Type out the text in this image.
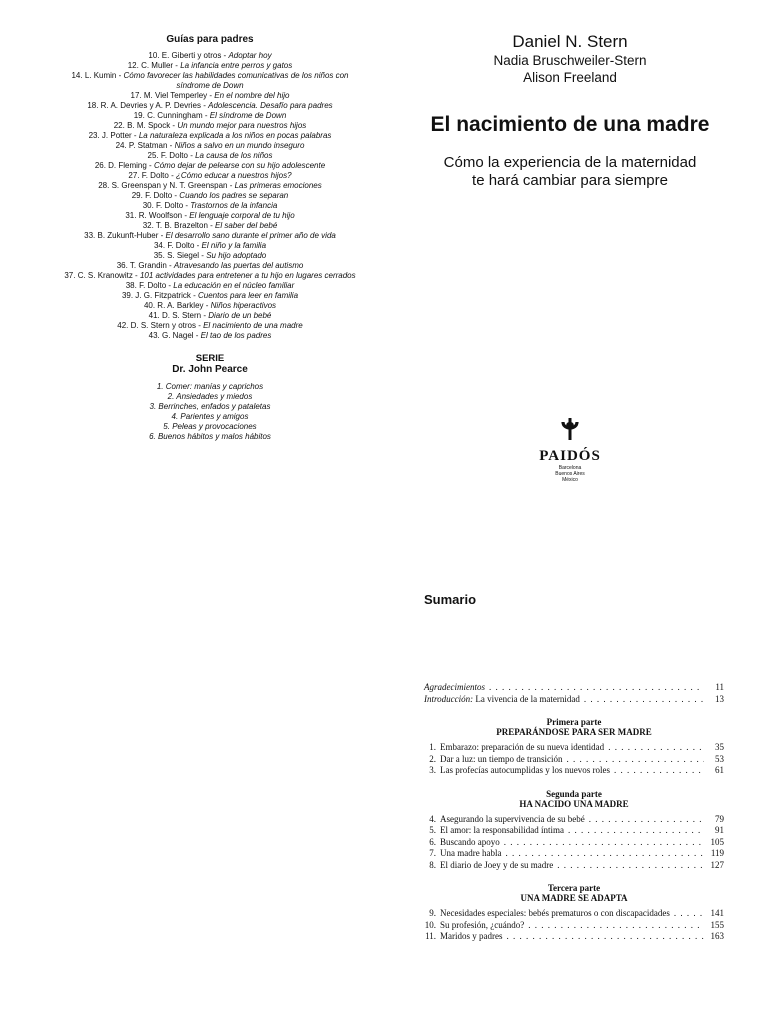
Guías para padres
10. E. Giberti y otros - Adoptar hoy
12. C. Muller - La infancia entre perros y gatos
14. L. Kumin - Cómo favorecer las habilidades comunicativas de los niños con síndrome de Down
17. M. Viel Temperley - En el nombre del hijo
18. R. A. Devries y A. P. Devries - Adolescencia. Desafío para padres
19. C. Cunningham - El síndrome de Down
22. B. M. Spock - Un mundo mejor para nuestros hijos
23. J. Potter - La naturaleza explicada a los niños en pocas palabras
24. P. Statman - Niños a salvo en un mundo inseguro
25. F. Dolto - La causa de los niños
26. D. Fleming - Cómo dejar de pelearse con su hijo adolescente
27. F. Dolto - ¿Cómo educar a nuestros hijos?
28. S. Greenspan y N. T. Greenspan - Las primeras emociones
29. F. Dolto - Cuando los padres se separan
30. F. Dolto - Trastornos de la infancia
31. R. Woolfson - El lenguaje corporal de tu hijo
32. T. B. Brazelton - El saber del bebé
33. B. Zukunft-Huber - El desarrollo sano durante el primer año de vida
34. F. Dolto - El niño y la familia
35. S. Siegel - Su hijo adoptado
36. T. Grandin - Atravesando las puertas del autismo
37. C. S. Kranowitz - 101 actividades para entretener a tu hijo en lugares cerrados
38. F. Dolto - La educación en el núcleo familiar
39. J. G. Fitzpatrick - Cuentos para leer en familia
40. R. A. Barkley - Niños hiperactivos
41. D. S. Stern - Diario de un bebé
42. D. S. Stern y otros - El nacimiento de una madre
43. G. Nagel - El tao de los padres
SERIE
Dr. John Pearce
1. Comer: manías y caprichos
2. Ansiedades y miedos
3. Berrinches, enfados y pataletas
4. Parientes y amigos
5. Peleas y provocaciones
6. Buenos hábitos y malos hábitos
Daniel N. Stern
Nadia Bruschweiler-Stern
Alison Freeland
El nacimiento de una madre
Cómo la experiencia de la maternidad
te hará cambiar para siempre
PAIDÓS
Barcelona
Buenos Aires
México
Sumario
Agradecimientos . . .	11
Introducción: La vivencia de la maternidad . . .	13
Primera parte
PREPARÁNDOSE PARA SER MADRE
1. Embarazo: preparación de su nueva identidad . . .	35
2. Dar a luz: un tiempo de transición . . .	53
3. Las profecías autocumplidas y los nuevos roles . . .	61
Segunda parte
HA NACIDO UNA MADRE
4. Asegurando la supervivencia de su bebé . . .	79
5. El amor: la responsabilidad íntima . . .	91
6. Buscando apoyo . . .	105
7. Una madre habla . . .	119
8. El diario de Joey y de su madre . . .	127
Tercera parte
UNA MADRE SE ADAPTA
9. Necesidades especiales: bebés prematuros o con discapacidades . . .	141
10. Su profesión, ¿cuándo? . . .	155
11. Maridos y padres . . .	163
